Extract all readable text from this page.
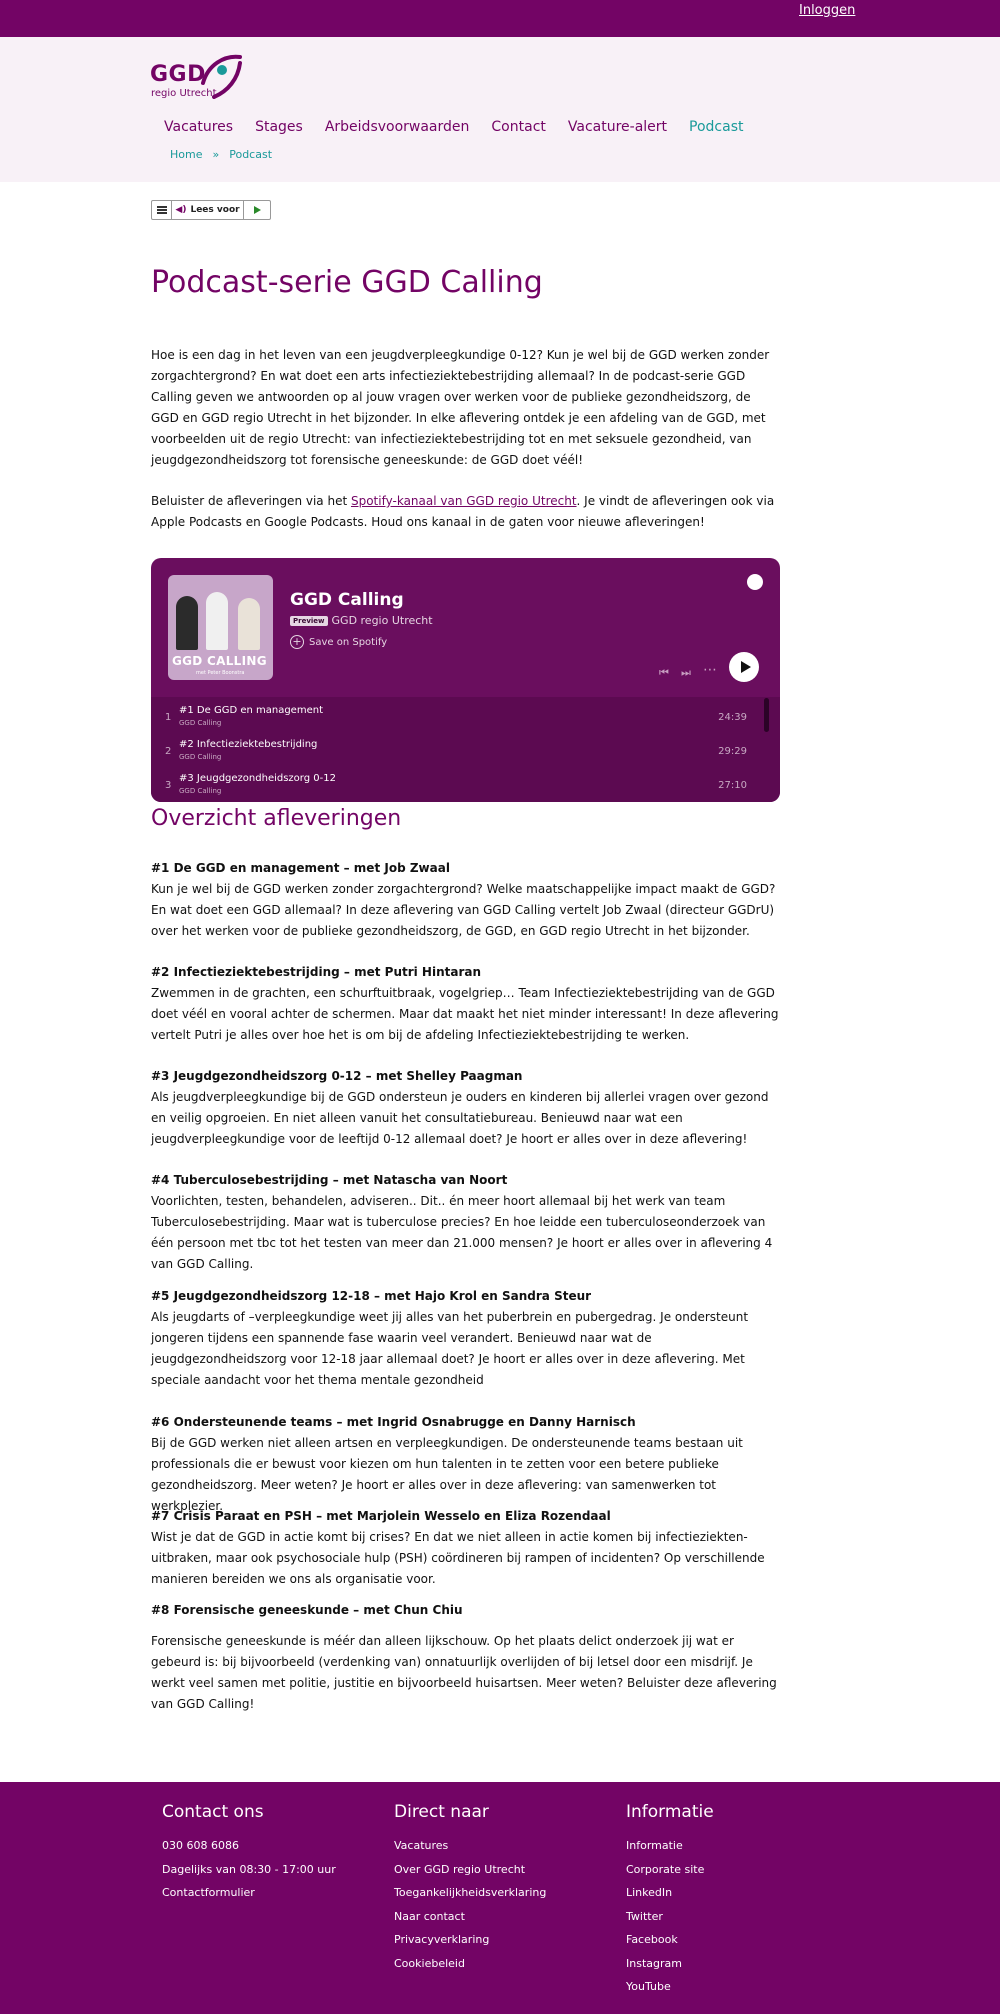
Inloggen
GGD
regio Utrecht
Vacatures Stages Arbeidsvoorwaarden Contact Vacature-alert Podcast
Home » Podcast
◀) Lees voor
Podcast-serie GGD Calling

Hoe is een dag in het leven van een jeugdverpleegkundige 0-12? Kun je wel bij de GGD werken zonder zorgachtergrond? En wat doet een arts infectieziektebestrijding allemaal? In de podcast-serie GGD Calling geven we antwoorden op al jouw vragen over werken voor de publieke gezondheidszorg, de GGD en GGD regio Utrecht in het bijzonder. In elke aflevering ontdek je een afdeling van de GGD, met voorbeelden uit de regio Utrecht: van infectieziektebestrijding tot en met seksuele gezondheid, van jeugdgezondheidszorg tot forensische geneeskunde: de GGD doet véél!

Beluister de afleveringen via het Spotify-kanaal van GGD regio Utrecht. Je vindt de afleveringen ook via Apple Podcasts en Google Podcasts. Houd ons kanaal in de gaten voor nieuwe afleveringen!

GGD CALLING
met Peter Boonstra
GGD Calling
Preview GGD regio Utrecht
+ Save on Spotify
⏮ ⏭ ⋯
1
#1 De GGD en management
GGD Calling	24:39
2
#2 Infectieziektebestrijding
GGD Calling	29:29
3
#3 Jeugdgezondheidszorg 0-12
GGD Calling	27:10
Overzicht afleveringen

#1 De GGD en management – met Job Zwaal

Kun je wel bij de GGD werken zonder zorgachtergrond? Welke maatschappelijke impact maakt de GGD? En wat doet een GGD allemaal? In deze aflevering van GGD Calling vertelt Job Zwaal (directeur GGDrU) over het werken voor de publieke gezondheidszorg, de GGD, en GGD regio Utrecht in het bijzonder.

#2 Infectieziektebestrijding – met Putri Hintaran

Zwemmen in de grachten, een schurftuitbraak, vogelgriep… Team Infectieziektebestrijding van de GGD doet véél en vooral achter de schermen. Maar dat maakt het niet minder interessant! In deze aflevering vertelt Putri je alles over hoe het is om bij de afdeling Infectieziektebestrijding te werken.

#3 Jeugdgezondheidszorg 0-12 – met Shelley Paagman

Als jeugdverpleegkundige bij de GGD ondersteun je ouders en kinderen bij allerlei vragen over gezond en veilig opgroeien. En niet alleen vanuit het consultatiebureau. Benieuwd naar wat een jeugdverpleegkundige voor de leeftijd 0-12 allemaal doet? Je hoort er alles over in deze aflevering!

#4 Tuberculosebestrijding – met Natascha van Noort

Voorlichten, testen, behandelen, adviseren.. Dit.. én meer hoort allemaal bij het werk van team Tuberculosebestrijding. Maar wat is tuberculose precies? En hoe leidde een tuberculoseonderzoek van één persoon met tbc tot het testen van meer dan 21.000 mensen? Je hoort er alles over in aflevering 4 van GGD Calling.

#5 Jeugdgezondheidszorg 12-18 – met Hajo Krol en Sandra Steur

Als jeugdarts of –verpleegkundige weet jij alles van het puberbrein en pubergedrag. Je ondersteunt jongeren tijdens een spannende fase waarin veel verandert. Benieuwd naar wat de jeugdgezondheidszorg voor 12-18 jaar allemaal doet? Je hoort er alles over in deze aflevering. Met speciale aandacht voor het thema mentale gezondheid

#6 Ondersteunende teams – met Ingrid Osnabrugge en Danny Harnisch

Bij de GGD werken niet alleen artsen en verpleegkundigen. De ondersteunende teams bestaan uit professionals die er bewust voor kiezen om hun talenten in te zetten voor een betere publieke gezondheidszorg. Meer weten? Je hoort er alles over in deze aflevering: van samenwerken tot werkplezier.

#7 Crisis Paraat en PSH – met Marjolein Wesselo en Eliza Rozendaal

Wist je dat de GGD in actie komt bij crises? En dat we niet alleen in actie komen bij infectieziekten-uitbraken, maar ook psychosociale hulp (PSH) coördineren bij rampen of incidenten? Op verschillende manieren bereiden we ons als organisatie voor.

#8 Forensische geneeskunde – met Chun Chiu

Forensische geneeskunde is méér dan alleen lijkschouw. Op het plaats delict onderzoek jij wat er gebeurd is: bij bijvoorbeeld (verdenking van) onnatuurlijk overlijden of bij letsel door een misdrijf. Je werkt veel samen met politie, justitie en bijvoorbeeld huisartsen. Meer weten? Beluister deze aflevering van GGD Calling!

Contact ons
030 608 6086
Dagelijks van 08:30 - 17:00 uur
Contactformulier
Direct naar
Vacatures
Over GGD regio Utrecht
Toegankelijkheidsverklaring
Naar contact
Privacyverklaring
Cookiebeleid
Informatie
Informatie
Corporate site
LinkedIn
Twitter
Facebook
Instagram
YouTube
